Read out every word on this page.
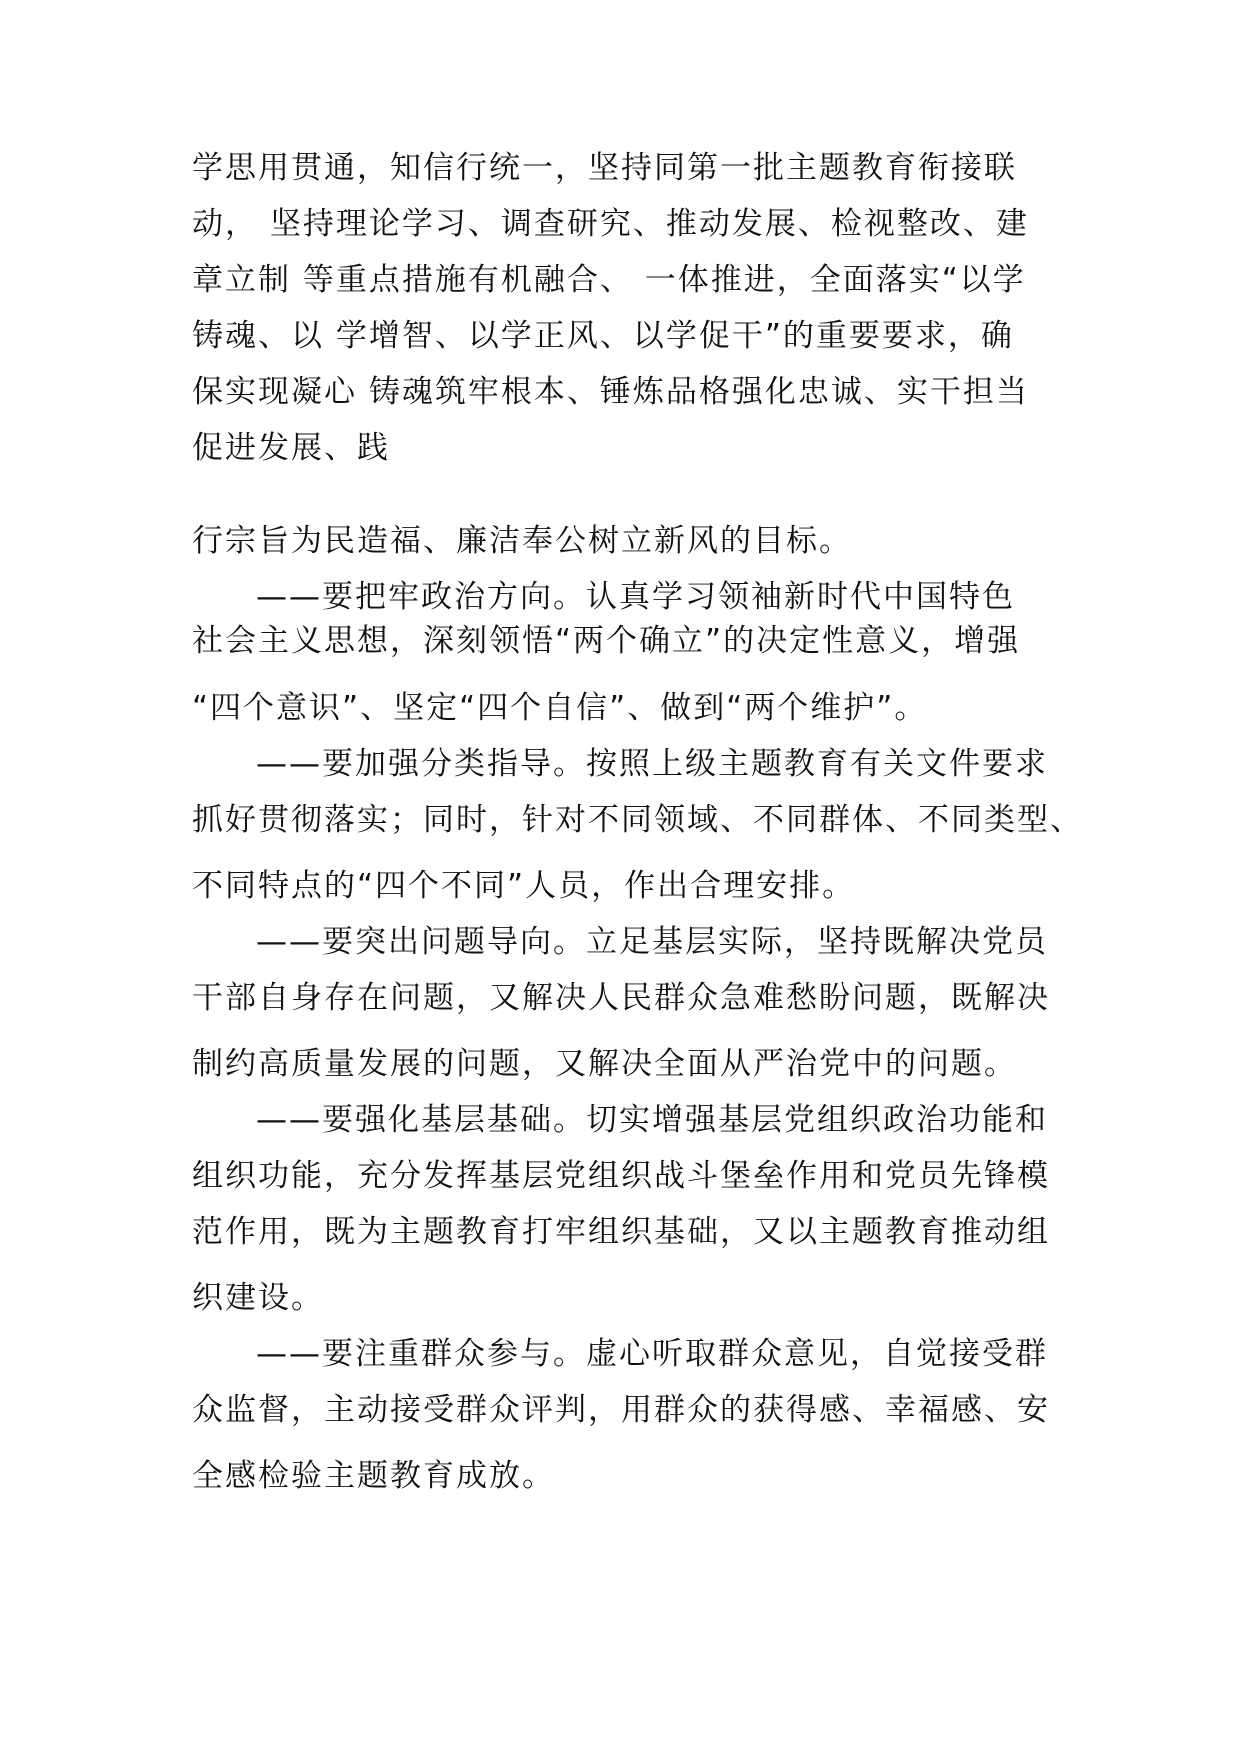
学思用贯通，知信行统一，坚持同第一批主题教育衔接联
动， 坚持理论学习、调查研究、推动发展、检视整改、建
章立制 等重点措施有机融合、 一体推进，全面落实“以学
铸魂、以 学增智、以学正风、以学促干”的重要要求，确
保实现凝心 铸魂筑牢根本、锤炼品格强化忠诚、实干担当
促进发展、践
行宗旨为民造福、廉洁奉公树立新风的目标。
——要把牢政治方向。认真学习领袖新时代中国特色
社会主义思想，深刻领悟“两个确立”的决定性意义，增强
“四个意识”、坚定“四个自信”、做到“两个维护”。
——要加强分类指导。按照上级主题教育有关文件要求
抓好贯彻落实；同时，针对不同领域、不同群体、不同类型、
不同特点的“四个不同”人员，作出合理安排。
——要突出问题导向。立足基层实际，坚持既解决党员
干部自身存在问题，又解决人民群众急难愁盼问题，既解决
制约高质量发展的问题，又解决全面从严治党中的问题。
——要强化基层基础。切实增强基层党组织政治功能和
组织功能，充分发挥基层党组织战斗堡垒作用和党员先锋模
范作用，既为主题教育打牢组织基础，又以主题教育推动组
织建设。
——要注重群众参与。虚心听取群众意见，自觉接受群
众监督，主动接受群众评判，用群众的获得感、幸福感、安
全感检验主题教育成放。
